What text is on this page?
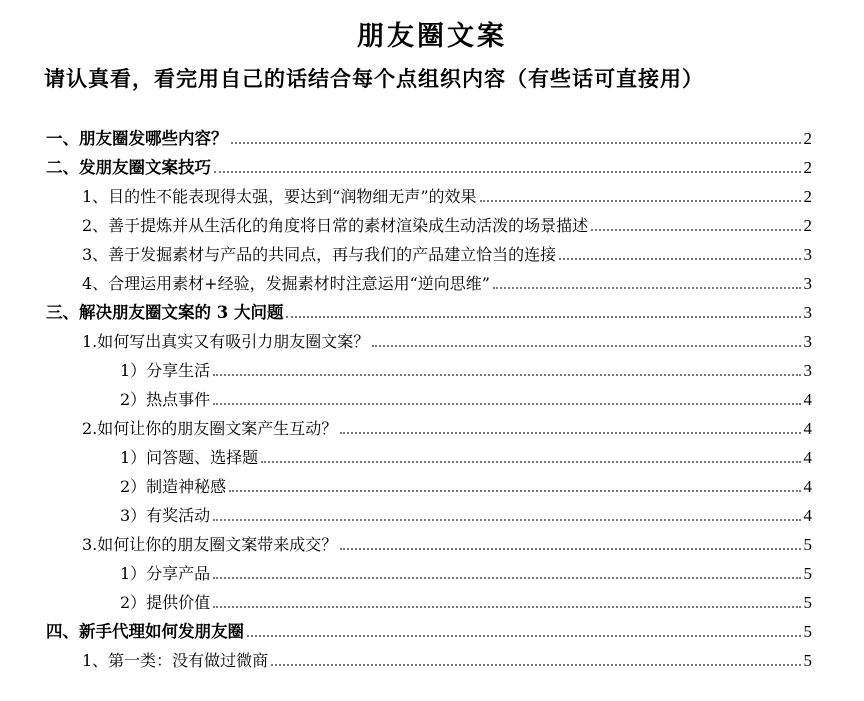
朋友圈文案
请认真看，看完用自己的话结合每个点组织内容（有些话可直接用）
一、朋友圈发哪些内容？	2
二、发朋友圈文案技巧	2
1、目的性不能表现得太强，要达到“润物细无声”的效果	2
2、善于提炼并从生活化的角度将日常的素材渲染成生动活泼的场景描述	2
3、善于发掘素材与产品的共同点，再与我们的产品建立恰当的连接	3
4、合理运用素材+经验，发掘素材时注意运用“逆向思维”	3
三、解决朋友圈文案的 3 大问题	3
1.如何写出真实又有吸引力朋友圈文案？	3
1）分享生活	3
2）热点事件	4
2.如何让你的朋友圈文案产生互动？	4
1）问答题、选择题	4
2）制造神秘感	4
3）有奖活动	4
3.如何让你的朋友圈文案带来成交？	5
1）分享产品	5
2）提供价值	5
四、新手代理如何发朋友圈	5
1、第一类：没有做过微商	5
